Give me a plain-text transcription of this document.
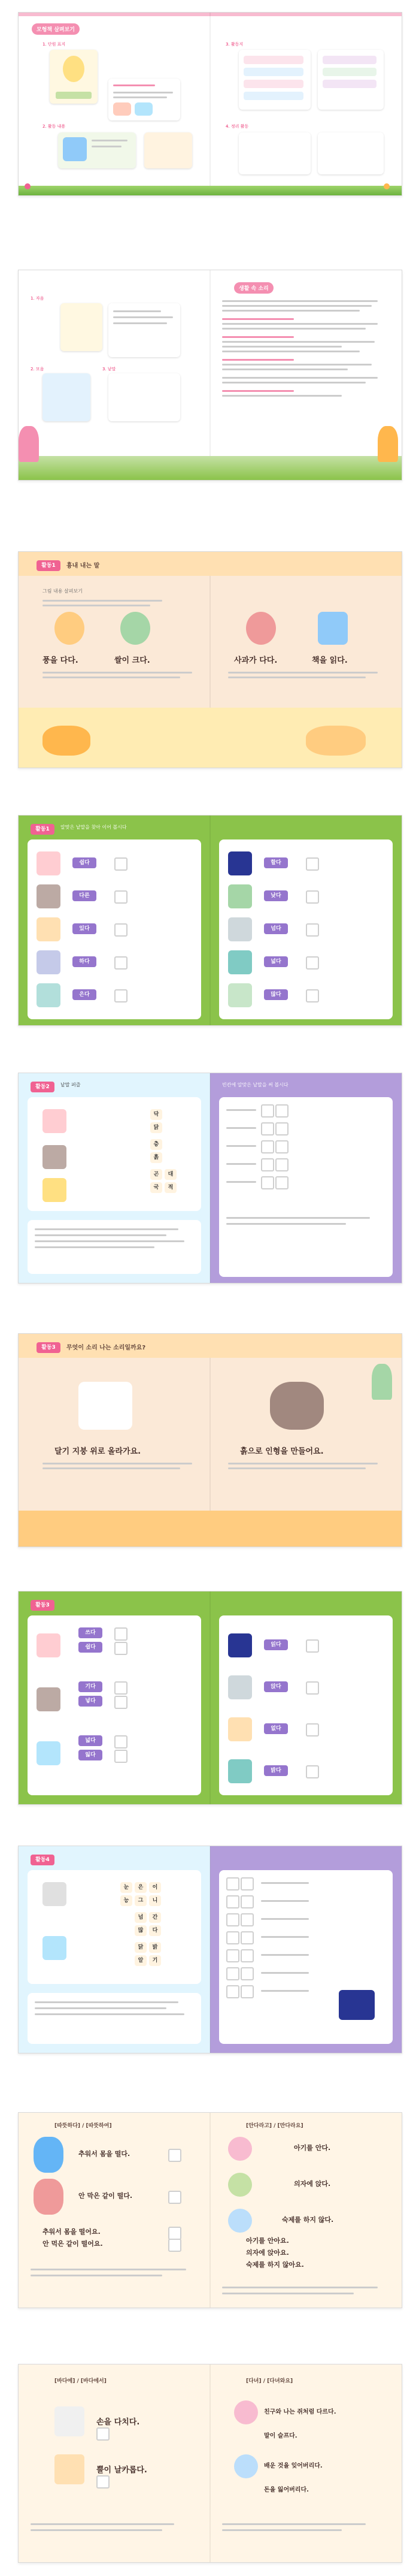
모형책 살펴보기
1. 단원 표지
2. 활동 내용
3. 활동지
4. 정리 활동
생활 속 소리
1. 자음
2. 모음	3. 낱말
활동1	흉내 내는 말
그림 내용 살펴보기
풍을 다다.	쌀이 크다.	사과가 다다.	책을 읽다.
활동1	알맞은 낱말을 찾아 이어 봅시다
쉽다
다른
있다
하다
은다
할다
낮다
넘다
넓다
많다
활동2	낱말 퍼즐
닥
닭
층
흙
곤	대
국	적
빈칸에 알맞은 낱말을 써 봅시다
활동3	무엇이 소리 나는 소리일까요?
달기 지붕 위로 올라가요.	흙으로 인형을 만들어요.
활동3
쓰다
쉽다
기다
넣다
넓다
잃다
읽다
앉다
없다
밝다
활동4
눈	은	이
능	그	니
넘	간
많	다
닭	밝
알	기
[따뜻하다] / [따뜻하여]	[안다라고] / [만다라요]
추워서 몸을 떨다.
안 막은 같이 떨다.
추워서 몸을 떨어요.
안 먹은 같이 떨어요.
아기를 안다.
의자에 앉다.
숙제를 하지 않다.
아기를 안아요.
의자에 앉아요.
숙제를 하지 않아요.
[바다에] / [바다에서]	[다녀] / [다녀와요]
손을 다치다.
뿔이 날카롭다.
친구와 나는 쥐처럼 다르다.
말이 슬프다.
배운 것을 잊어버리다.
돈을 잃어버리다.
